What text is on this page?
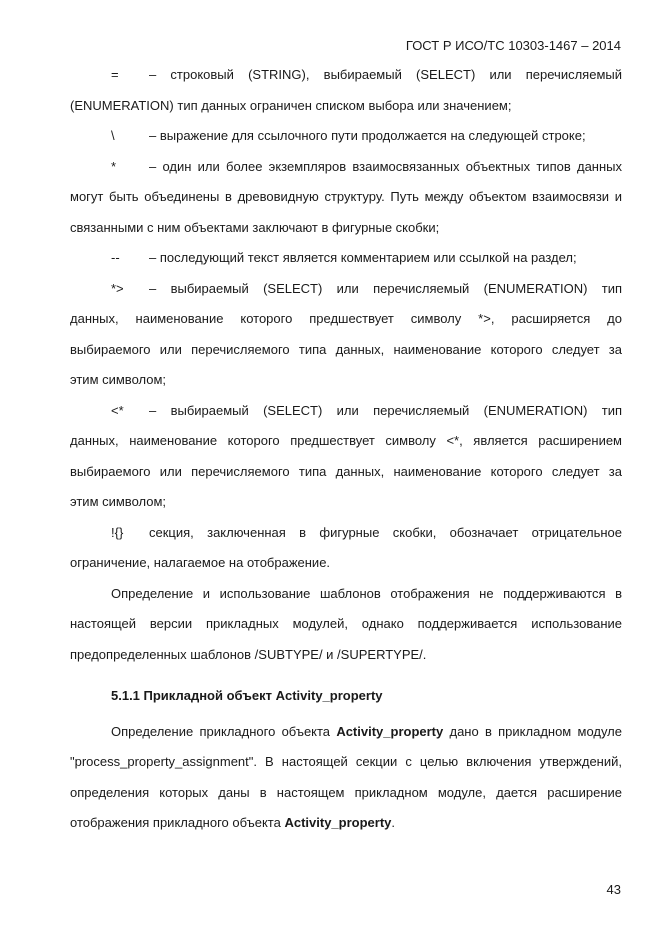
ГОСТ Р ИСО/ТС 10303-1467 – 2014
= – строковый (STRING), выбираемый (SELECT) или перечисляемый
(ENUMERATION) тип данных ограничен списком выбора или значением;
\	– выражение для ссылочного пути продолжается на следующей строке;
*	– один или более экземпляров взаимосвязанных объектных типов данных
могут быть объединены в древовидную структуру. Путь между объектом взаимосвязи и
связанными с ним объектами заключают в фигурные скобки;
-- – последующий текст является комментарием или ссылкой на раздел;
*> – выбираемый (SELECT) или перечисляемый (ENUMERATION) тип
данных, наименование которого предшествует символу *>, расширяется до
выбираемого или перечисляемого типа данных, наименование которого следует за
этим символом;
<* – выбираемый (SELECT) или перечисляемый (ENUMERATION) тип
данных, наименование которого предшествует символу <*, является расширением
выбираемого или перечисляемого типа данных, наименование которого следует за
этим символом;
!{} секция, заключенная в фигурные скобки, обозначает отрицательное
ограничение, налагаемое на отображение.
Определение и использование шаблонов отображения не поддерживаются в
настоящей версии прикладных модулей, однако поддерживается использование
предопределенных шаблонов /SUBTYPE/ и /SUPERTYPE/.
5.1.1 Прикладной объект Activity_property
Определение прикладного объекта Activity_property дано в прикладном модуле
"process_property_assignment". В настоящей секции с целью включения утверждений,
определения которых даны в настоящем прикладном модуле, дается расширение
отображения прикладного объекта Activity_property.
43
